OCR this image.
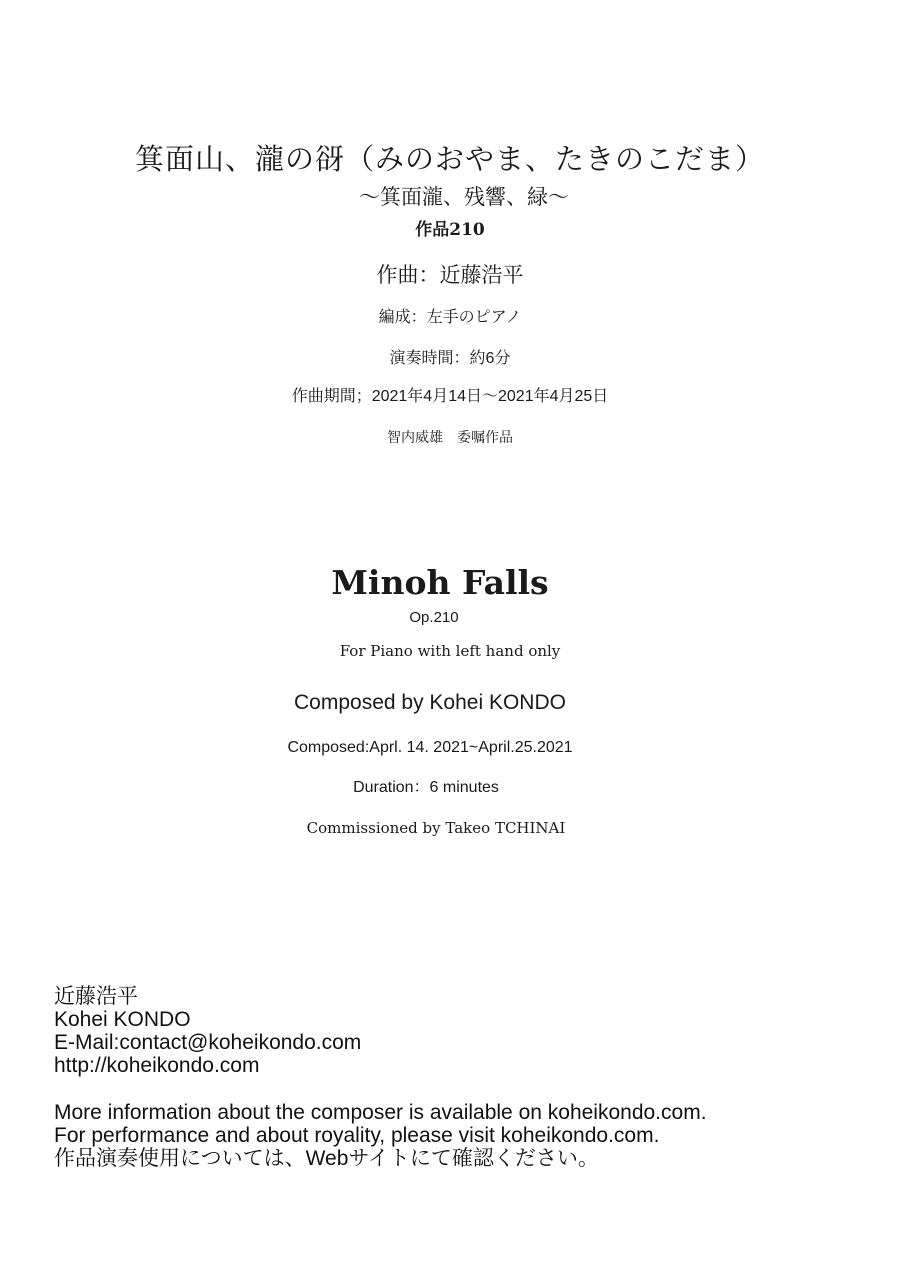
箕面山、瀧の谺（みのおやま、たきのこだま）
〜箕面瀧、残響、緑〜
作品210
作曲：近藤浩平
編成：左手のピアノ
演奏時間：約6分
作曲期間；2021年4月14日〜2021年4月25日
智内威雄　委嘱作品
Minoh Falls
Op.210
For Piano with left hand only
Composed by Kohei KONDO
Composed:Aprl. 14. 2021~April.25.2021
Duration：6 minutes
Commissioned by Takeo TCHINAI
近藤浩平
Kohei KONDO
E-Mail:contact@koheikondo.com
http://koheikondo.com
More information about the composer is available on koheikondo.com.
For performance and about royality, please visit koheikondo.com.
作品演奏使用については、Webサイトにて確認ください。
